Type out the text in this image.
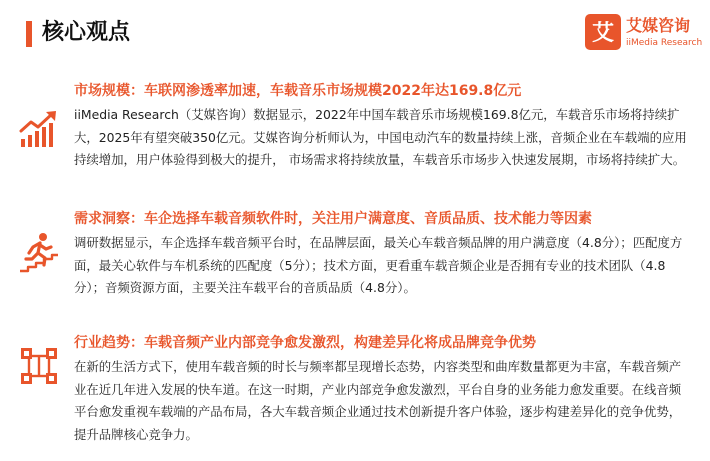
核心观点	艾 艾媒咨询
iiMedia Research
市场规模：车联网渗透率加速，车载音乐市场规模2022年达169.8亿元
iiMedia Research（艾媒咨询）数据显示，2022年中国车载音乐市场规模169.8亿元，车载音乐市场将持续扩大，2025年有望突破350亿元。艾媒咨询分析师认为，中国电动汽车的数量持续上涨，音频企业在车载端的应用持续增加，用户体验得到极大的提升， 市场需求将持续放量，车载音乐市场步入快速发展期，市场将持续扩大。
需求洞察：车企选择车载音频软件时，关注用户满意度、音质品质、技术能力等因素
调研数据显示，车企选择车载音频平台时，在品牌层面，最关心车载音频品牌的用户满意度（4.8分）；匹配度方面，最关心软件与车机系统的匹配度（5分）；技术方面，更看重车载音频企业是否拥有专业的技术团队（4.8分）；音频资源方面，主要关注车载平台的音质品质（4.8分）。
行业趋势：车载音频产业内部竞争愈发激烈，构建差异化将成品牌竞争优势
在新的生活方式下，使用车载音频的时长与频率都呈现增长态势，内容类型和曲库数量都更为丰富，车载音频产业在近几年进入发展的快车道。在这一时期，产业内部竞争愈发激烈，平台自身的业务能力愈发重要。在线音频平台愈发重视车载端的产品布局，各大车载音频企业通过技术创新提升客户体验，逐步构建差异化的竞争优势，提升品牌核心竞争力。
